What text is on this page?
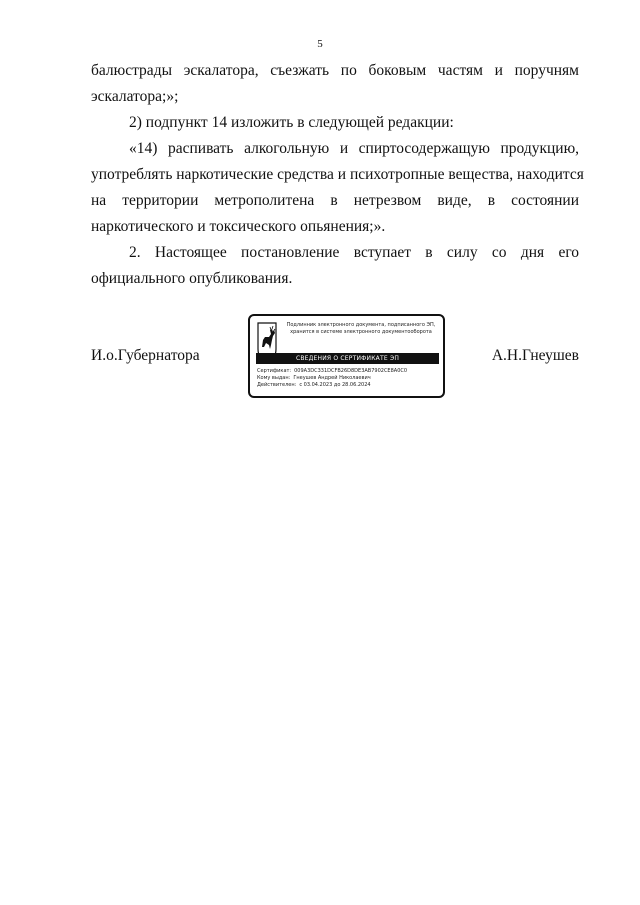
5
балюстрады эскалатора, съезжать по боковым частям и поручням
эскалатора;»;
2) подпункт 14 изложить в следующей редакции:
«14) распивать алкогольную и спиртосодержащую продукцию,
употреблять наркотические средства и психотропные вещества, находится
на территории метрополитена в нетрезвом виде, в состоянии
наркотического и токсического опьянения;».
2. Настоящее постановление вступает в силу со дня его
официального опубликования.
И.о.Губернатора	А.Н.Гнеушев
Подлинник электронного документа, подписанного ЭП,
хранится в системе электронного документооборота
СВЕДЕНИЯ О СЕРТИФИКАТЕ ЭП
Сертификат: 009A3DC331DCFB26D8DE3AB7902CE8A0C0
Кому выдан: Гнеушев Андрей Николаевич
Действителен: с 03.04.2023 до 28.06.2024
